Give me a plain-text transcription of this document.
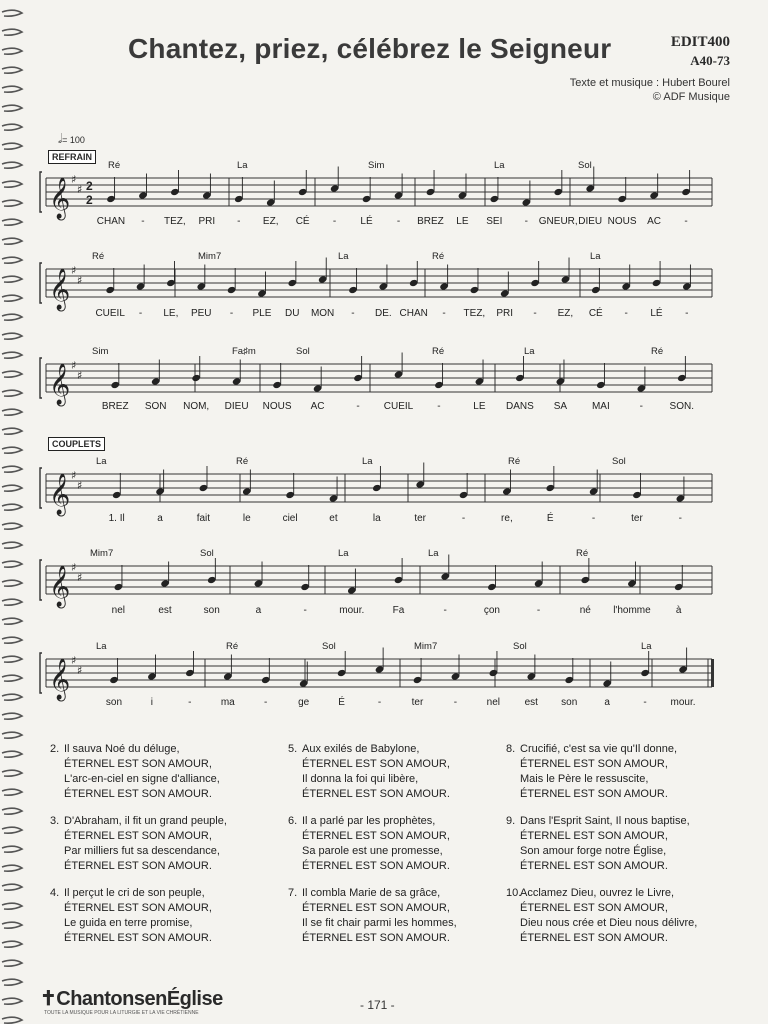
Chantez, priez, célébrez le Seigneur	EDIT400
A40-73
Texte et musique : Hubert Bourel
© ADF Musique
𝅗𝅥= 100
REFRAIN
COUPLETS
𝄞 ♯
♯ 2
2
Ré	La	Sim	La	Sol
CHAN - TEZ, PRI - EZ, CÉ - LÉ - BREZ LE SEI - GNEUR, DIEU NOUS AC -
𝄞 ♯
♯
Ré	Mim7	La	Ré	La
CUEIL - LE, PEU - PLE DU MON - DE. CHAN - TEZ, PRI - EZ, CÉ - LÉ -
𝄞 ♯
♯
Sim	Fa♯m	Sol	Ré	La	Ré
BREZ SON NOM, DIEU NOUS AC	- CUEIL -	LE DANS SA MAI	-	SON.
𝄞 ♯
♯
La	Ré	La	Ré	Sol
1. Il	a	fait	le	ciel	et	la	ter	-	re,	É	-	ter	-
𝄞 ♯
♯
Mim7	Sol	La	La	Ré
nel	est	son	a	-	mour.	Fa	-	çon	-	né l'homme	à
𝄞 ♯
♯
La	Ré	Sol	Mim7	Sol	La
son	i	-	ma	-	ge	É	-	ter	-	nel est son	a	- mour.
2. Il sauva Noé du déluge,
ÉTERNEL EST SON AMOUR,
L'arc-en-ciel en signe d'alliance,
ÉTERNEL EST SON AMOUR.
3. D'Abraham, il fit un grand peuple,
ÉTERNEL EST SON AMOUR,
Par milliers fut sa descendance,
ÉTERNEL EST SON AMOUR.
4. Il perçut le cri de son peuple,
ÉTERNEL EST SON AMOUR,
Le guida en terre promise,
ÉTERNEL EST SON AMOUR.
5. Aux exilés de Babylone,
ÉTERNEL EST SON AMOUR,
Il donna la foi qui libère,
ÉTERNEL EST SON AMOUR.
6. Il a parlé par les prophètes,
ÉTERNEL EST SON AMOUR,
Sa parole est une promesse,
ÉTERNEL EST SON AMOUR.
7. Il combla Marie de sa grâce,
ÉTERNEL EST SON AMOUR,
Il se fit chair parmi les hommes,
ÉTERNEL EST SON AMOUR.
8. Crucifié, c'est sa vie qu'Il donne,
ÉTERNEL EST SON AMOUR,
Mais le Père le ressuscite,
ÉTERNEL EST SON AMOUR.
9. Dans l'Esprit Saint, Il nous baptise,
ÉTERNEL EST SON AMOUR,
Son amour forge notre Église,
ÉTERNEL EST SON AMOUR.
10.Acclamez Dieu, ouvrez le Livre,
ÉTERNEL EST SON AMOUR,
Dieu nous crée et Dieu nous délivre,
ÉTERNEL EST SON AMOUR.
✝ChantonsenÉglise
TOUTE LA MUSIQUE POUR LA LITURGIE ET LA VIE CHRÉTIENNE
- 171 -
